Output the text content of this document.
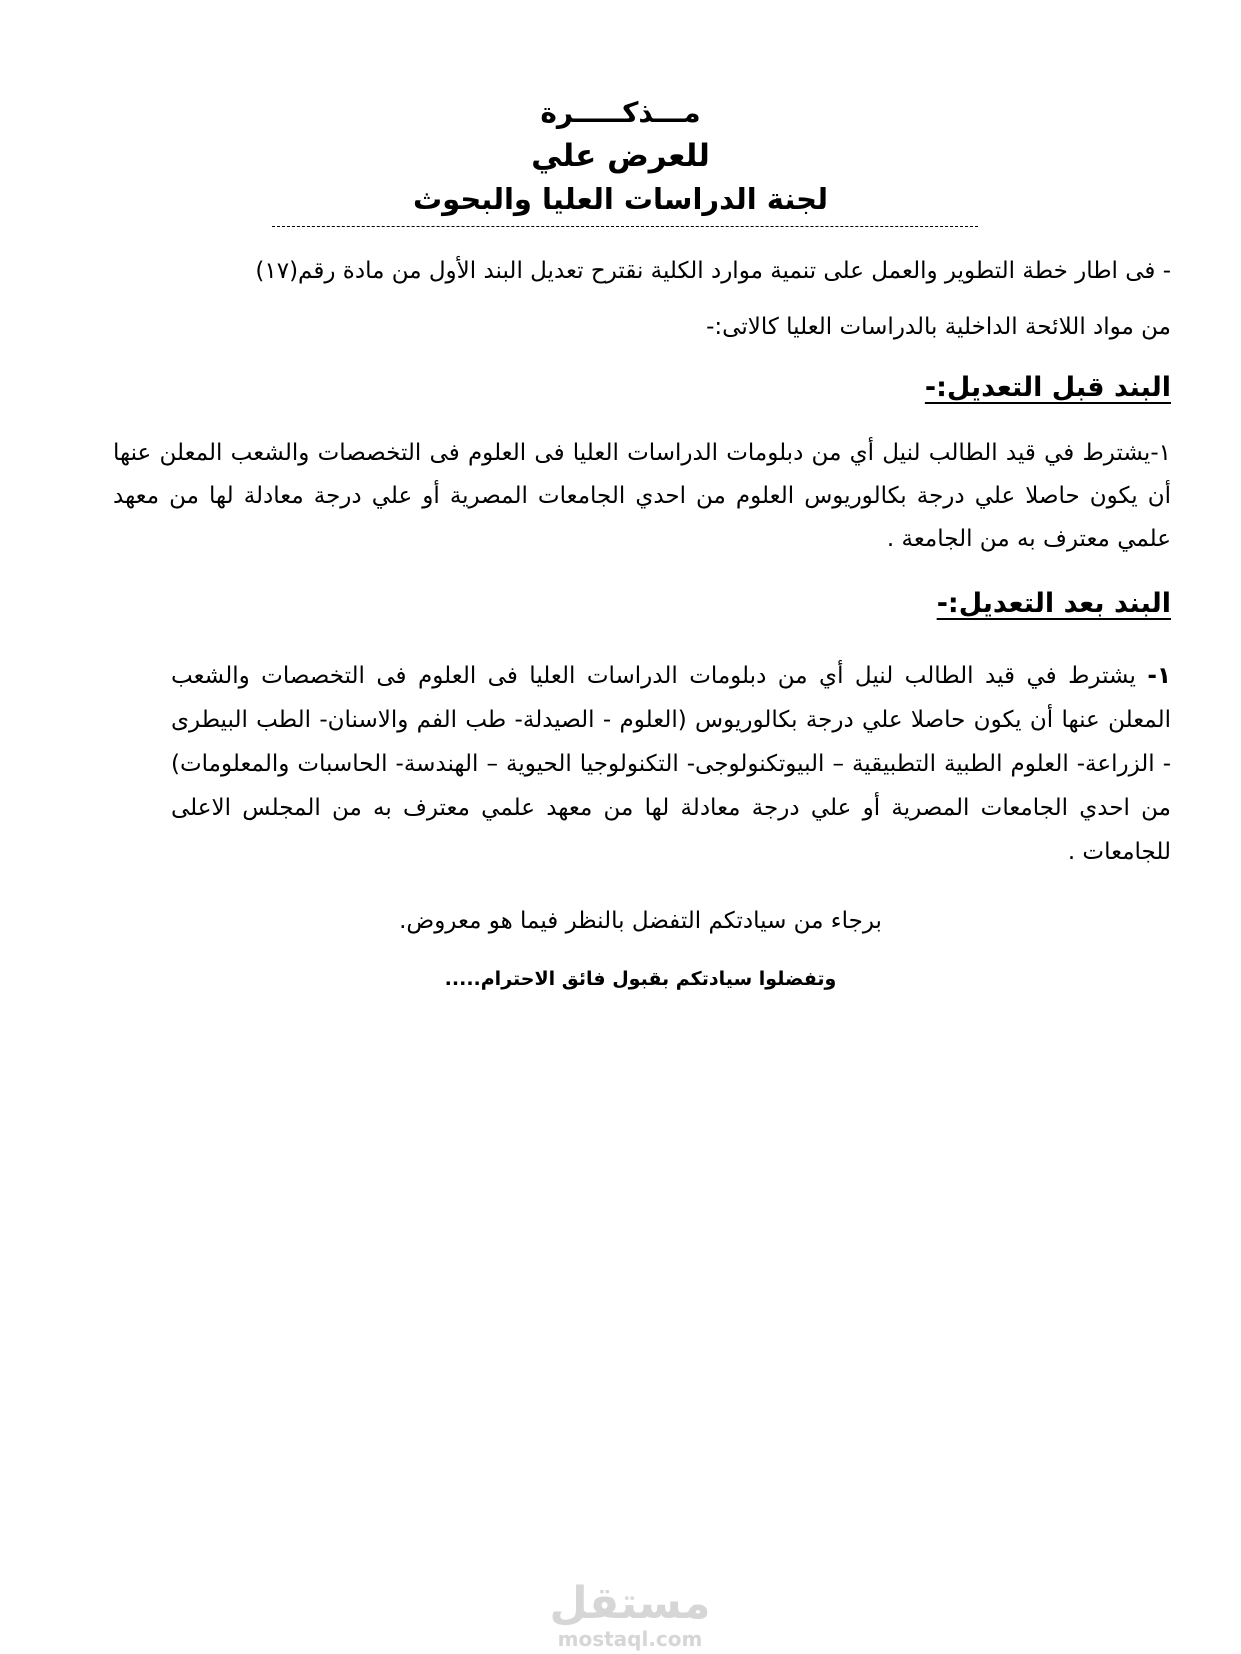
مـــذكـــــرة
للعرض علي
لجنة الدراسات العليا والبحوث
- فى اطار خطة التطوير والعمل على تنمية موارد الكلية نقترح تعديل البند الأول من مادة رقم(١٧)
من مواد اللائحة الداخلية بالدراسات العليا كالاتى:-
البند قبل التعديل:-
١-يشترط في قيد الطالب لنيل أي من دبلومات الدراسات العليا فى العلوم فى التخصصات والشعب المعلن عنها أن يكون حاصلا علي درجة بكالوريوس العلوم من احدي الجامعات المصرية أو علي درجة معادلة لها من معهد علمي معترف به من الجامعة .
البند بعد التعديل:-
١- يشترط في قيد الطالب لنيل أي من دبلومات الدراسات العليا فى العلوم فى التخصصات والشعب المعلن عنها أن يكون حاصلا علي درجة بكالوريوس (العلوم - الصيدلة- طب الفم والاسنان- الطب البيطرى - الزراعة- العلوم الطبية التطبيقية – البيوتكنولوجى- التكنولوجيا الحيوية – الهندسة- الحاسبات والمعلومات) من احدي الجامعات المصرية أو علي درجة معادلة لها من معهد علمي معترف به من المجلس الاعلى للجامعات .
برجاء من سيادتكم التفضل بالنظر فيما هو معروض.
وتفضلوا سيادتكم بقبول فائق الاحترام.....
مستقل
mostaql.com
